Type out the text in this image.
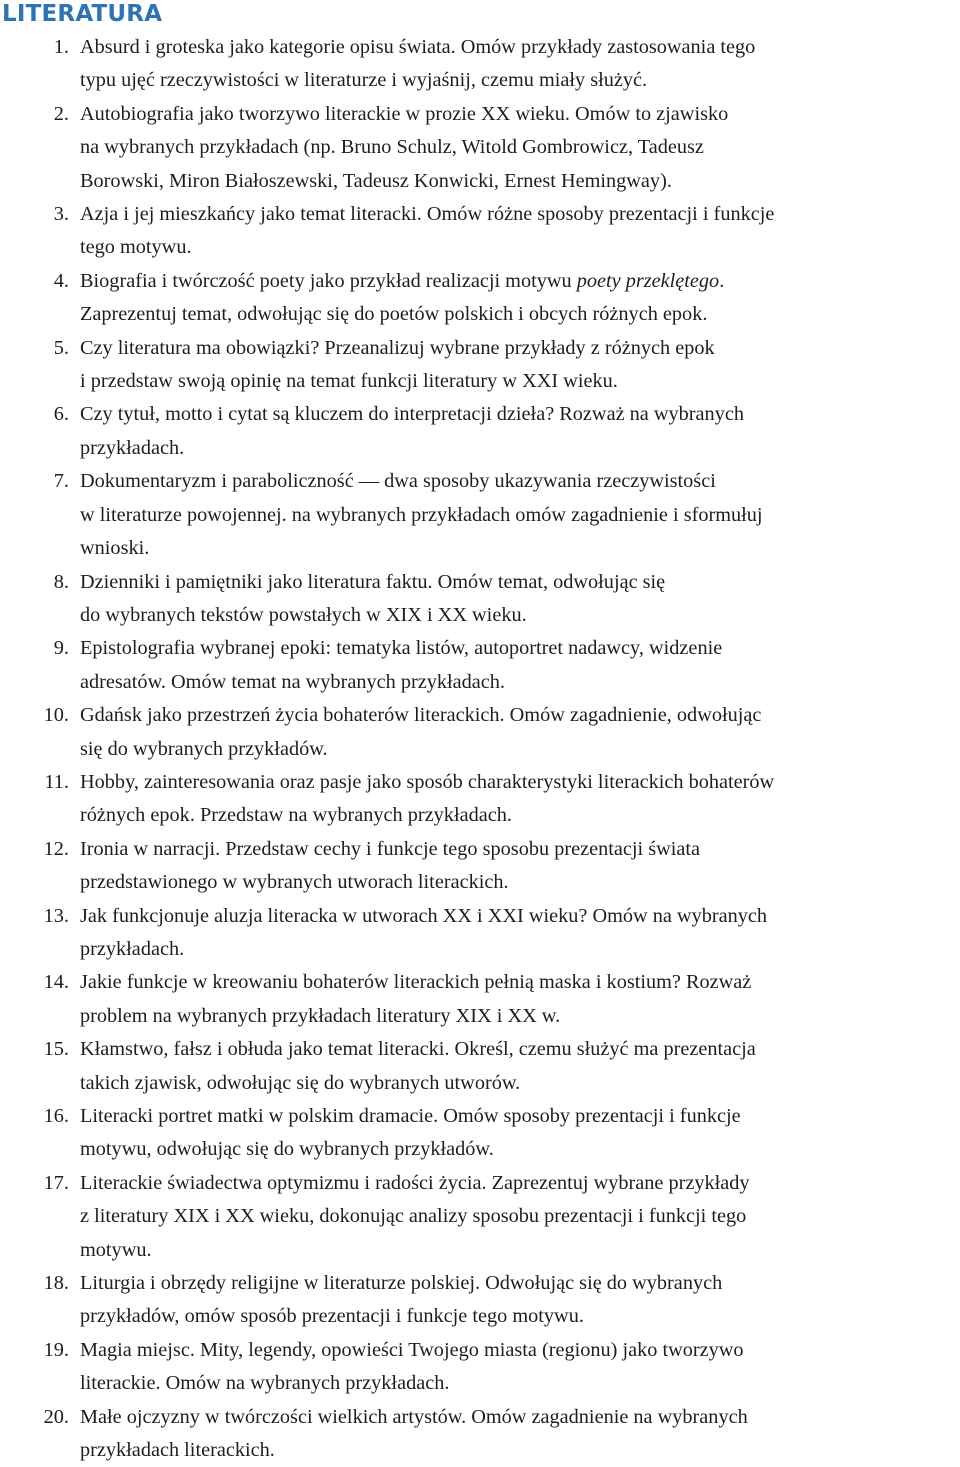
LITERATURA
1. Absurd i groteska jako kategorie opisu świata. Omów przykłady zastosowania tego
typu ujęć rzeczywistości w literaturze i wyjaśnij, czemu miały służyć.
2. Autobiografia jako tworzywo literackie w prozie XX wieku. Omów to zjawisko
na wybranych przykładach (np. Bruno Schulz, Witold Gombrowicz, Tadeusz
Borowski, Miron Białoszewski, Tadeusz Konwicki, Ernest Hemingway).
3. Azja i jej mieszkańcy jako temat literacki. Omów różne sposoby prezentacji i funkcje
tego motywu.
4. Biografia i twórczość poety jako przykład realizacji motywu poety przeklętego.
Zaprezentuj temat, odwołując się do poetów polskich i obcych różnych epok.
5. Czy literatura ma obowiązki? Przeanalizuj wybrane przykłady z różnych epok
i przedstaw swoją opinię na temat funkcji literatury w XXI wieku.
6. Czy tytuł, motto i cytat są kluczem do interpretacji dzieła? Rozważ na wybranych
przykładach.
7. Dokumentaryzm i paraboliczność — dwa sposoby ukazywania rzeczywistości
w literaturze powojennej. na wybranych przykładach omów zagadnienie i sformułuj
wnioski.
8. Dzienniki i pamiętniki jako literatura faktu. Omów temat, odwołując się
do wybranych tekstów powstałych w XIX i XX wieku.
9. Epistolografia wybranej epoki: tematyka listów, autoportret nadawcy, widzenie
adresatów. Omów temat na wybranych przykładach.
10. Gdańsk jako przestrzeń życia bohaterów literackich. Omów zagadnienie, odwołując
się do wybranych przykładów.
11. Hobby, zainteresowania oraz pasje jako sposób charakterystyki literackich bohaterów
różnych epok. Przedstaw na wybranych przykładach.
12. Ironia w narracji. Przedstaw cechy i funkcje tego sposobu prezentacji świata
przedstawionego w wybranych utworach literackich.
13. Jak funkcjonuje aluzja literacka w utworach XX i XXI wieku? Omów na wybranych
przykładach.
14. Jakie funkcje w kreowaniu bohaterów literackich pełnią maska i kostium? Rozważ
problem na wybranych przykładach literatury XIX i XX w.
15. Kłamstwo, fałsz i obłuda jako temat literacki. Określ, czemu służyć ma prezentacja
takich zjawisk, odwołując się do wybranych utworów.
16. Literacki portret matki w polskim dramacie. Omów sposoby prezentacji i funkcje
motywu, odwołując się do wybranych przykładów.
17. Literackie świadectwa optymizmu i radości życia. Zaprezentuj wybrane przykłady
z literatury XIX i XX wieku, dokonując analizy sposobu prezentacji i funkcji tego
motywu.
18. Liturgia i obrzędy religijne w literaturze polskiej. Odwołując się do wybranych
przykładów, omów sposób prezentacji i funkcje tego motywu.
19. Magia miejsc. Mity, legendy, opowieści Twojego miasta (regionu) jako tworzywo
literackie. Omów na wybranych przykładach.
20. Małe ojczyzny w twórczości wielkich artystów. Omów zagadnienie na wybranych
przykładach literackich.
